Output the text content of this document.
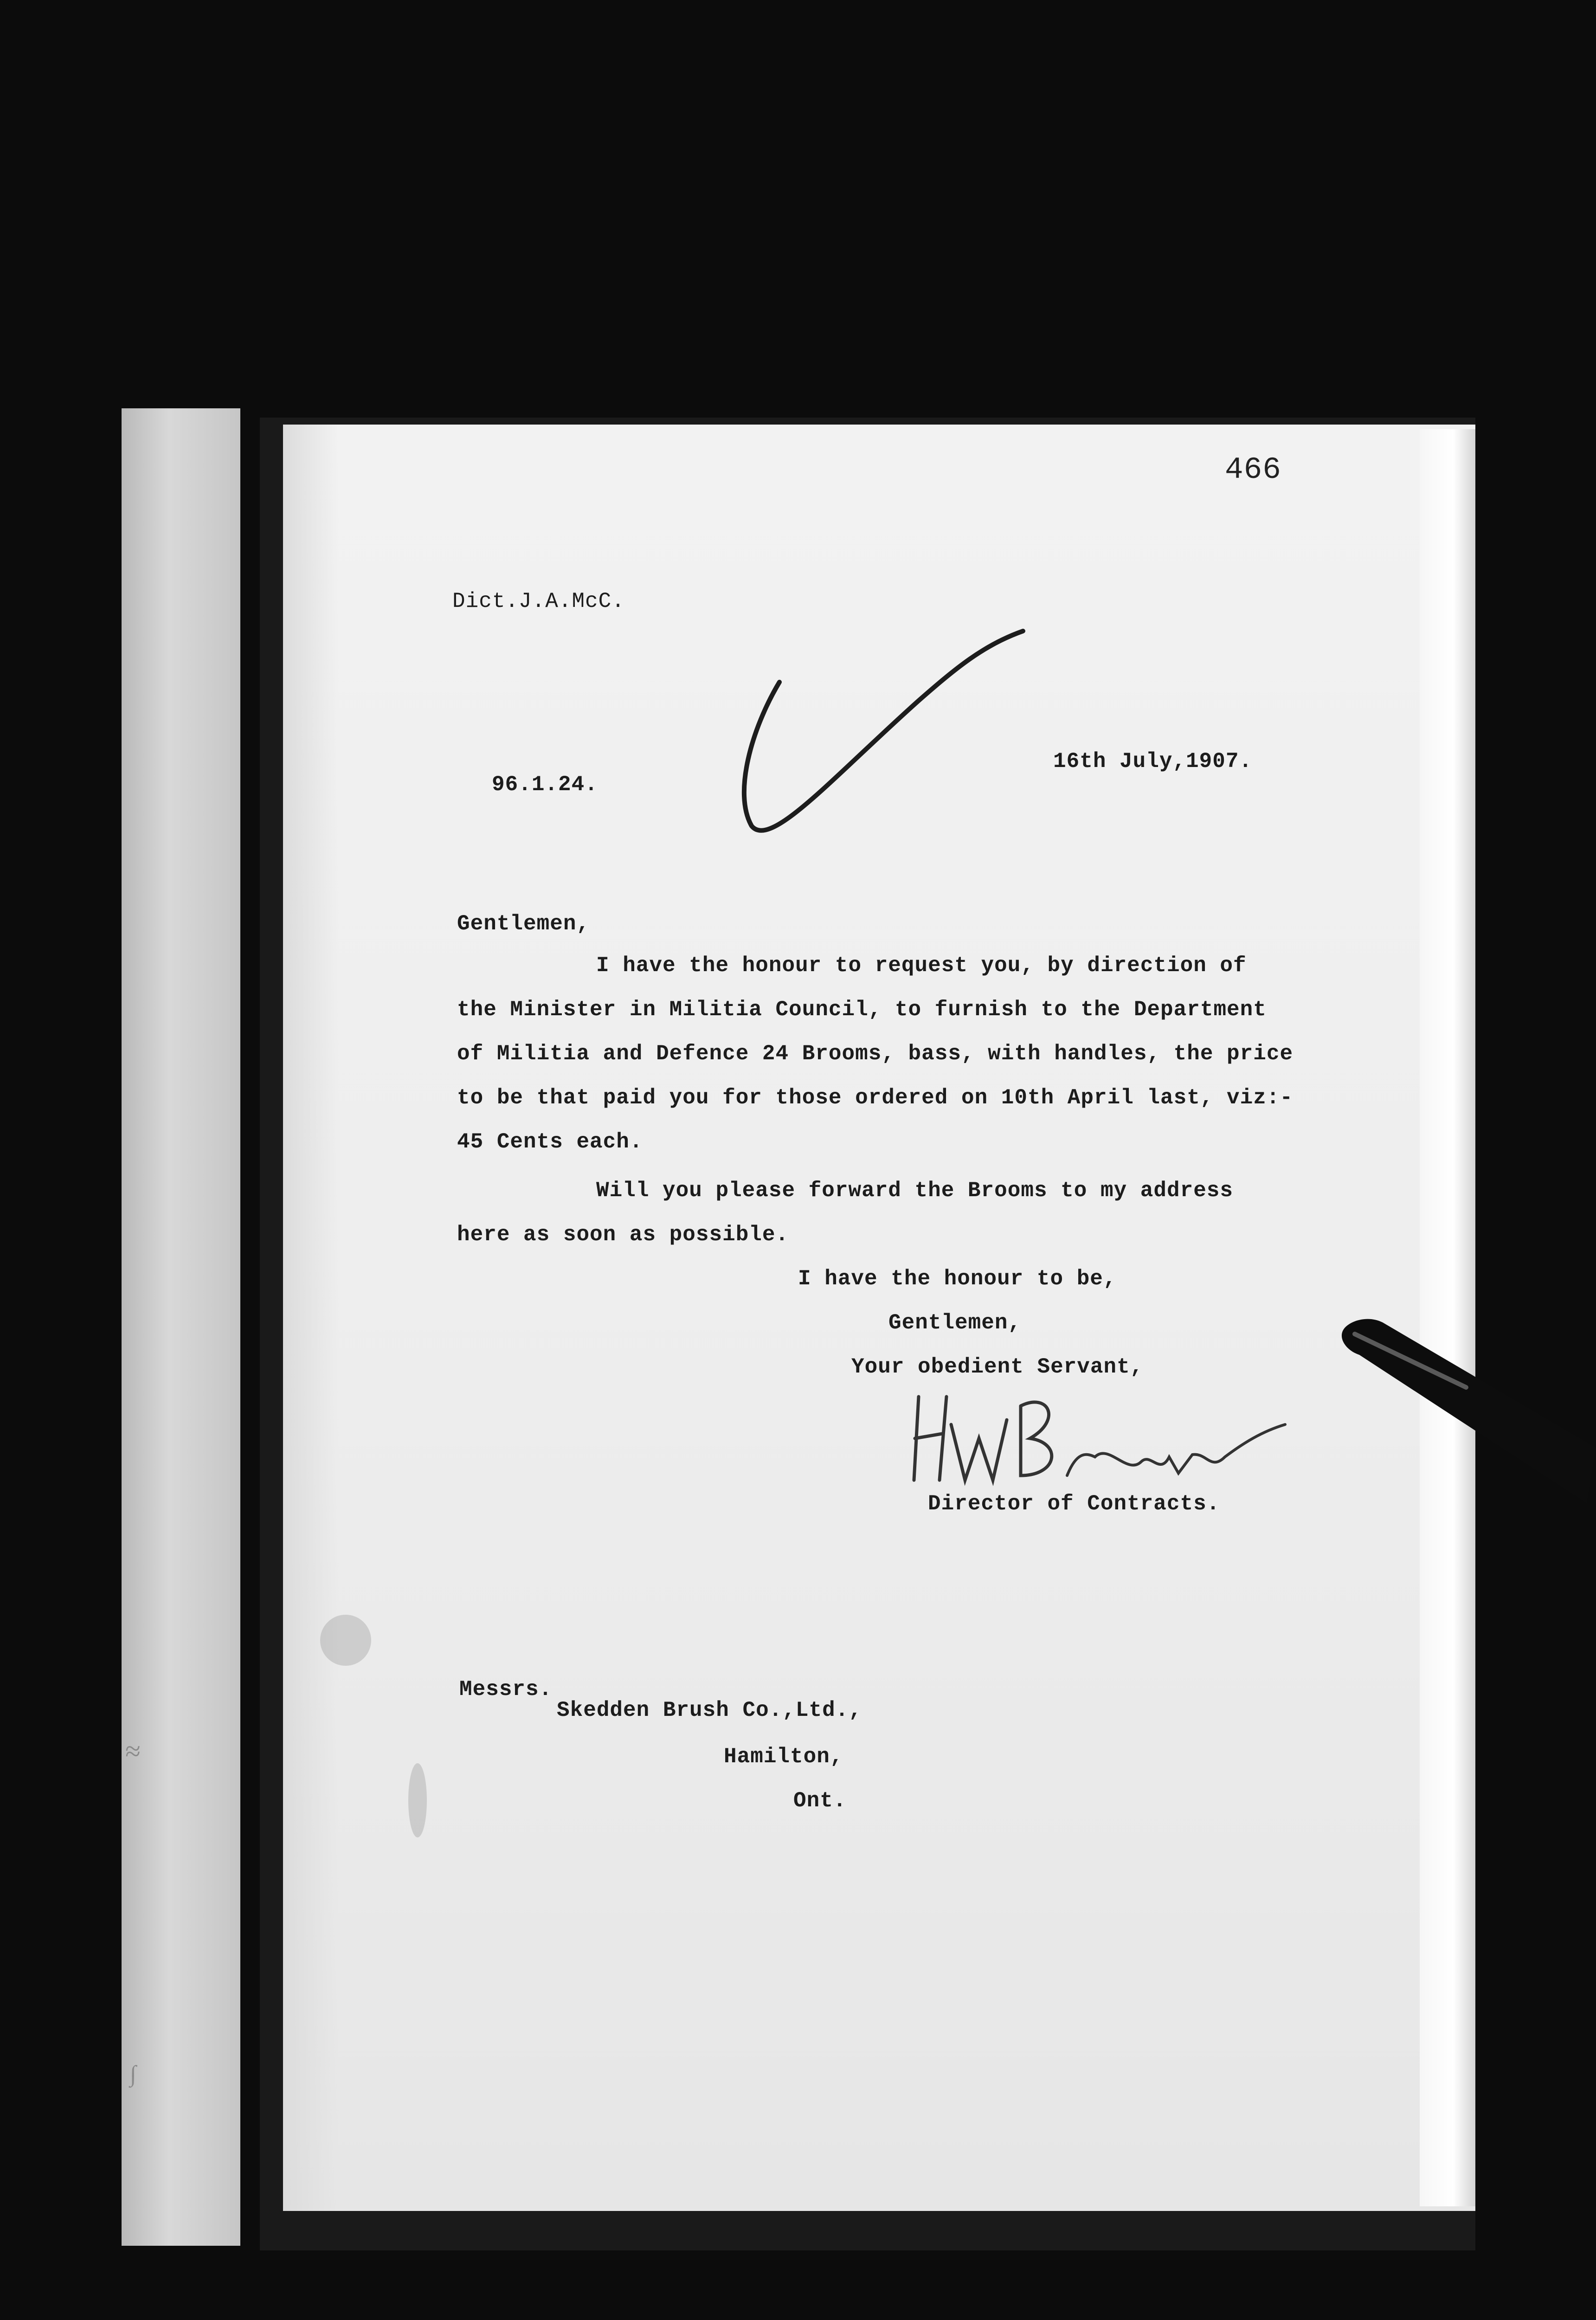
≈
∫
466
Dict.J.A.McC.
96.1.24.
16th July,1907.
Gentlemen,
I have the honour to request you, by direction of
the Minister in Militia Council, to furnish to the Department
of Militia and Defence 24 Brooms, bass, with handles, the price
to be that paid you for those ordered on 10th April last, viz:-
45 Cents each.
Will you please forward the Brooms to my address
here as soon as possible.
I have the honour to be,
Gentlemen,
Your obedient Servant,
Director of Contracts.
Messrs.
Skedden Brush Co.,Ltd.,
Hamilton,
Ont.
